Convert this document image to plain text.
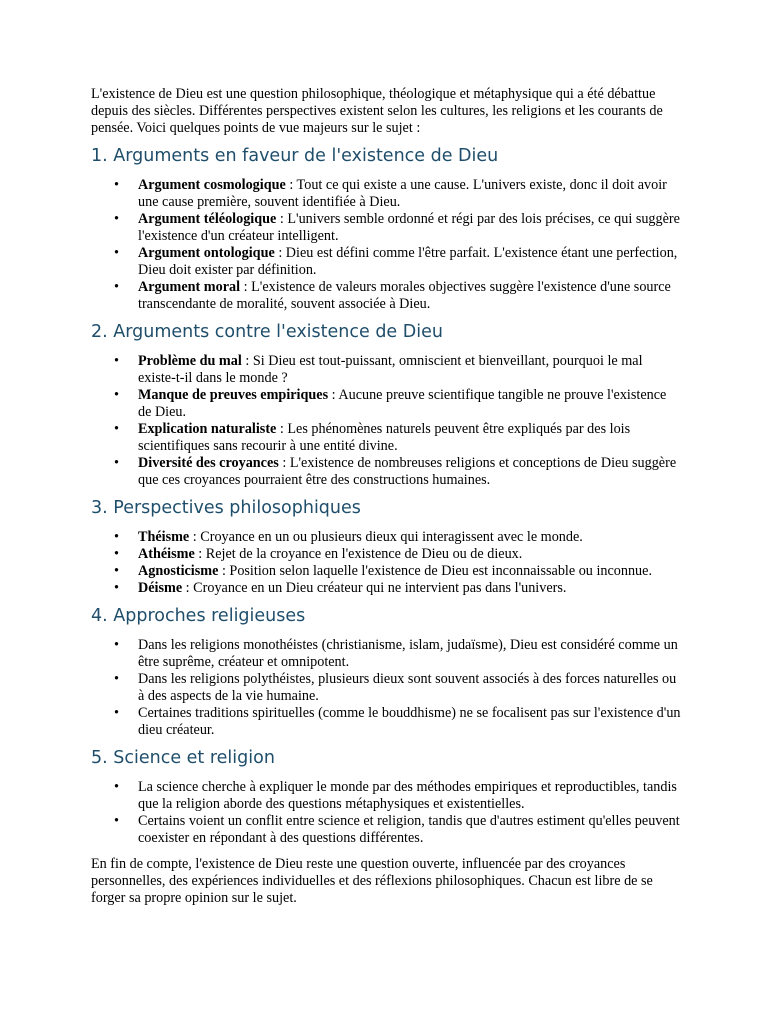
L'existence de Dieu est une question philosophique, théologique et métaphysique qui a été débattue depuis des siècles. Différentes perspectives existent selon les cultures, les religions et les courants de pensée. Voici quelques points de vue majeurs sur le sujet :

1. Arguments en faveur de l'existence de Dieu
• Argument cosmologique : Tout ce qui existe a une cause. L'univers existe, donc il doit avoir une cause première, souvent identifiée à Dieu.
• Argument téléologique : L'univers semble ordonné et régi par des lois précises, ce qui suggère l'existence d'un créateur intelligent.
• Argument ontologique : Dieu est défini comme l'être parfait. L'existence étant une perfection, Dieu doit exister par définition.
• Argument moral : L'existence de valeurs morales objectives suggère l'existence d'une source transcendante de moralité, souvent associée à Dieu.
2. Arguments contre l'existence de Dieu
• Problème du mal : Si Dieu est tout-puissant, omniscient et bienveillant, pourquoi le mal existe-t-il dans le monde ?
• Manque de preuves empiriques : Aucune preuve scientifique tangible ne prouve l'existence de Dieu.
• Explication naturaliste : Les phénomènes naturels peuvent être expliqués par des lois scientifiques sans recourir à une entité divine.
• Diversité des croyances : L'existence de nombreuses religions et conceptions de Dieu suggère que ces croyances pourraient être des constructions humaines.
3. Perspectives philosophiques
• Théisme : Croyance en un ou plusieurs dieux qui interagissent avec le monde.
• Athéisme : Rejet de la croyance en l'existence de Dieu ou de dieux.
• Agnosticisme : Position selon laquelle l'existence de Dieu est inconnaissable ou inconnue.
• Déisme : Croyance en un Dieu créateur qui ne intervient pas dans l'univers.
4. Approches religieuses
• Dans les religions monothéistes (christianisme, islam, judaïsme), Dieu est considéré comme un être suprême, créateur et omnipotent.
• Dans les religions polythéistes, plusieurs dieux sont souvent associés à des forces naturelles ou à des aspects de la vie humaine.
• Certaines traditions spirituelles (comme le bouddhisme) ne se focalisent pas sur l'existence d'un dieu créateur.
5. Science et religion
• La science cherche à expliquer le monde par des méthodes empiriques et reproductibles, tandis que la religion aborde des questions métaphysiques et existentielles.
• Certains voient un conflit entre science et religion, tandis que d'autres estiment qu'elles peuvent coexister en répondant à des questions différentes.

En fin de compte, l'existence de Dieu reste une question ouverte, influencée par des croyances personnelles, des expériences individuelles et des réflexions philosophiques. Chacun est libre de se forger sa propre opinion sur le sujet.
